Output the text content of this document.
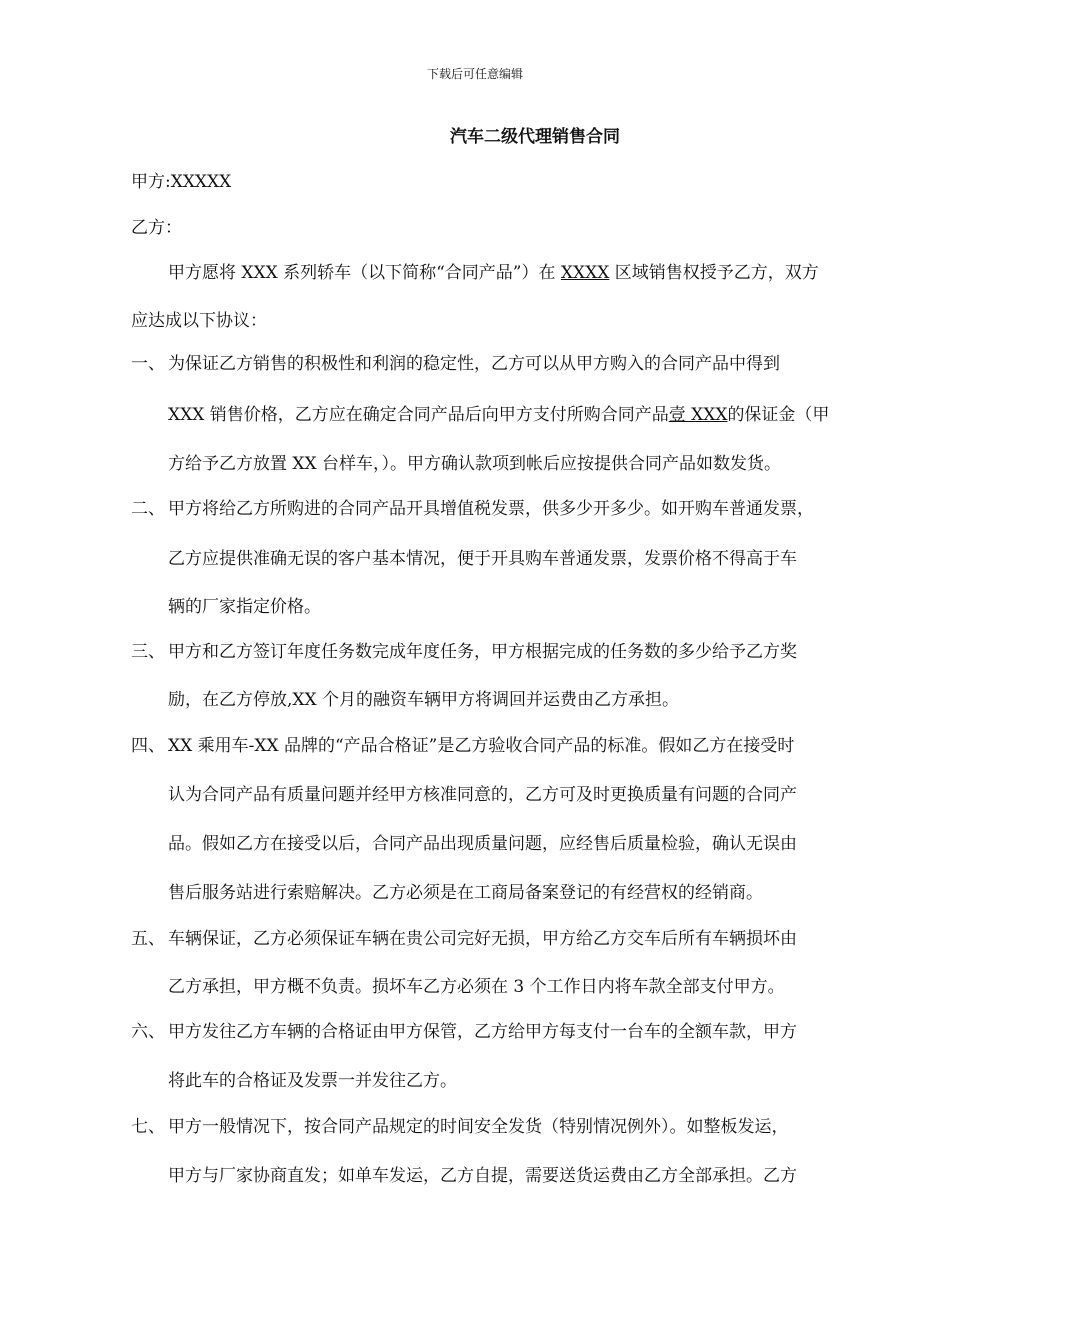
下载后可任意编辑
汽车二级代理销售合同
甲方:XXXXX
乙方：
甲方愿将 XXX 系列轿车（以下简称“合同产品”）在 XXXX 区域销售权授予乙方，双方
应达成以下协议：
一、 为保证乙方销售的积极性和利润的稳定性，乙方可以从甲方购入的合同产品中得到
XXX 销售价格，乙方应在确定合同产品后向甲方支付所购合同产品壹 XXX的保证金（甲
方给予乙方放置 XX 台样车，）。甲方确认款项到帐后应按提供合同产品如数发货。
二、 甲方将给乙方所购进的合同产品开具增值税发票，供多少开多少。如开购车普通发票，
乙方应提供准确无误的客户基本情况，便于开具购车普通发票，发票价格不得高于车
辆的厂家指定价格。
三、 甲方和乙方签订年度任务数完成年度任务，甲方根据完成的任务数的多少给予乙方奖
励，在乙方停放,XX 个月的融资车辆甲方将调回并运费由乙方承担。
四、 XX 乘用车-XX 品牌的“产品合格证”是乙方验收合同产品的标准。假如乙方在接受时
认为合同产品有质量问题并经甲方核准同意的，乙方可及时更换质量有问题的合同产
品。假如乙方在接受以后，合同产品出现质量问题，应经售后质量检验，确认无误由
售后服务站进行索赔解决。乙方必须是在工商局备案登记的有经营权的经销商。
五、 车辆保证，乙方必须保证车辆在贵公司完好无损，甲方给乙方交车后所有车辆损坏由
乙方承担，甲方概不负责。损坏车乙方必须在 3 个工作日内将车款全部支付甲方。
六、 甲方发往乙方车辆的合格证由甲方保管，乙方给甲方每支付一台车的全额车款，甲方
将此车的合格证及发票一并发往乙方。
七、 甲方一般情况下，按合同产品规定的时间安全发货（特别情况例外）。如整板发运，
甲方与厂家协商直发；如单车发运，乙方自提，需要送货运费由乙方全部承担。乙方
